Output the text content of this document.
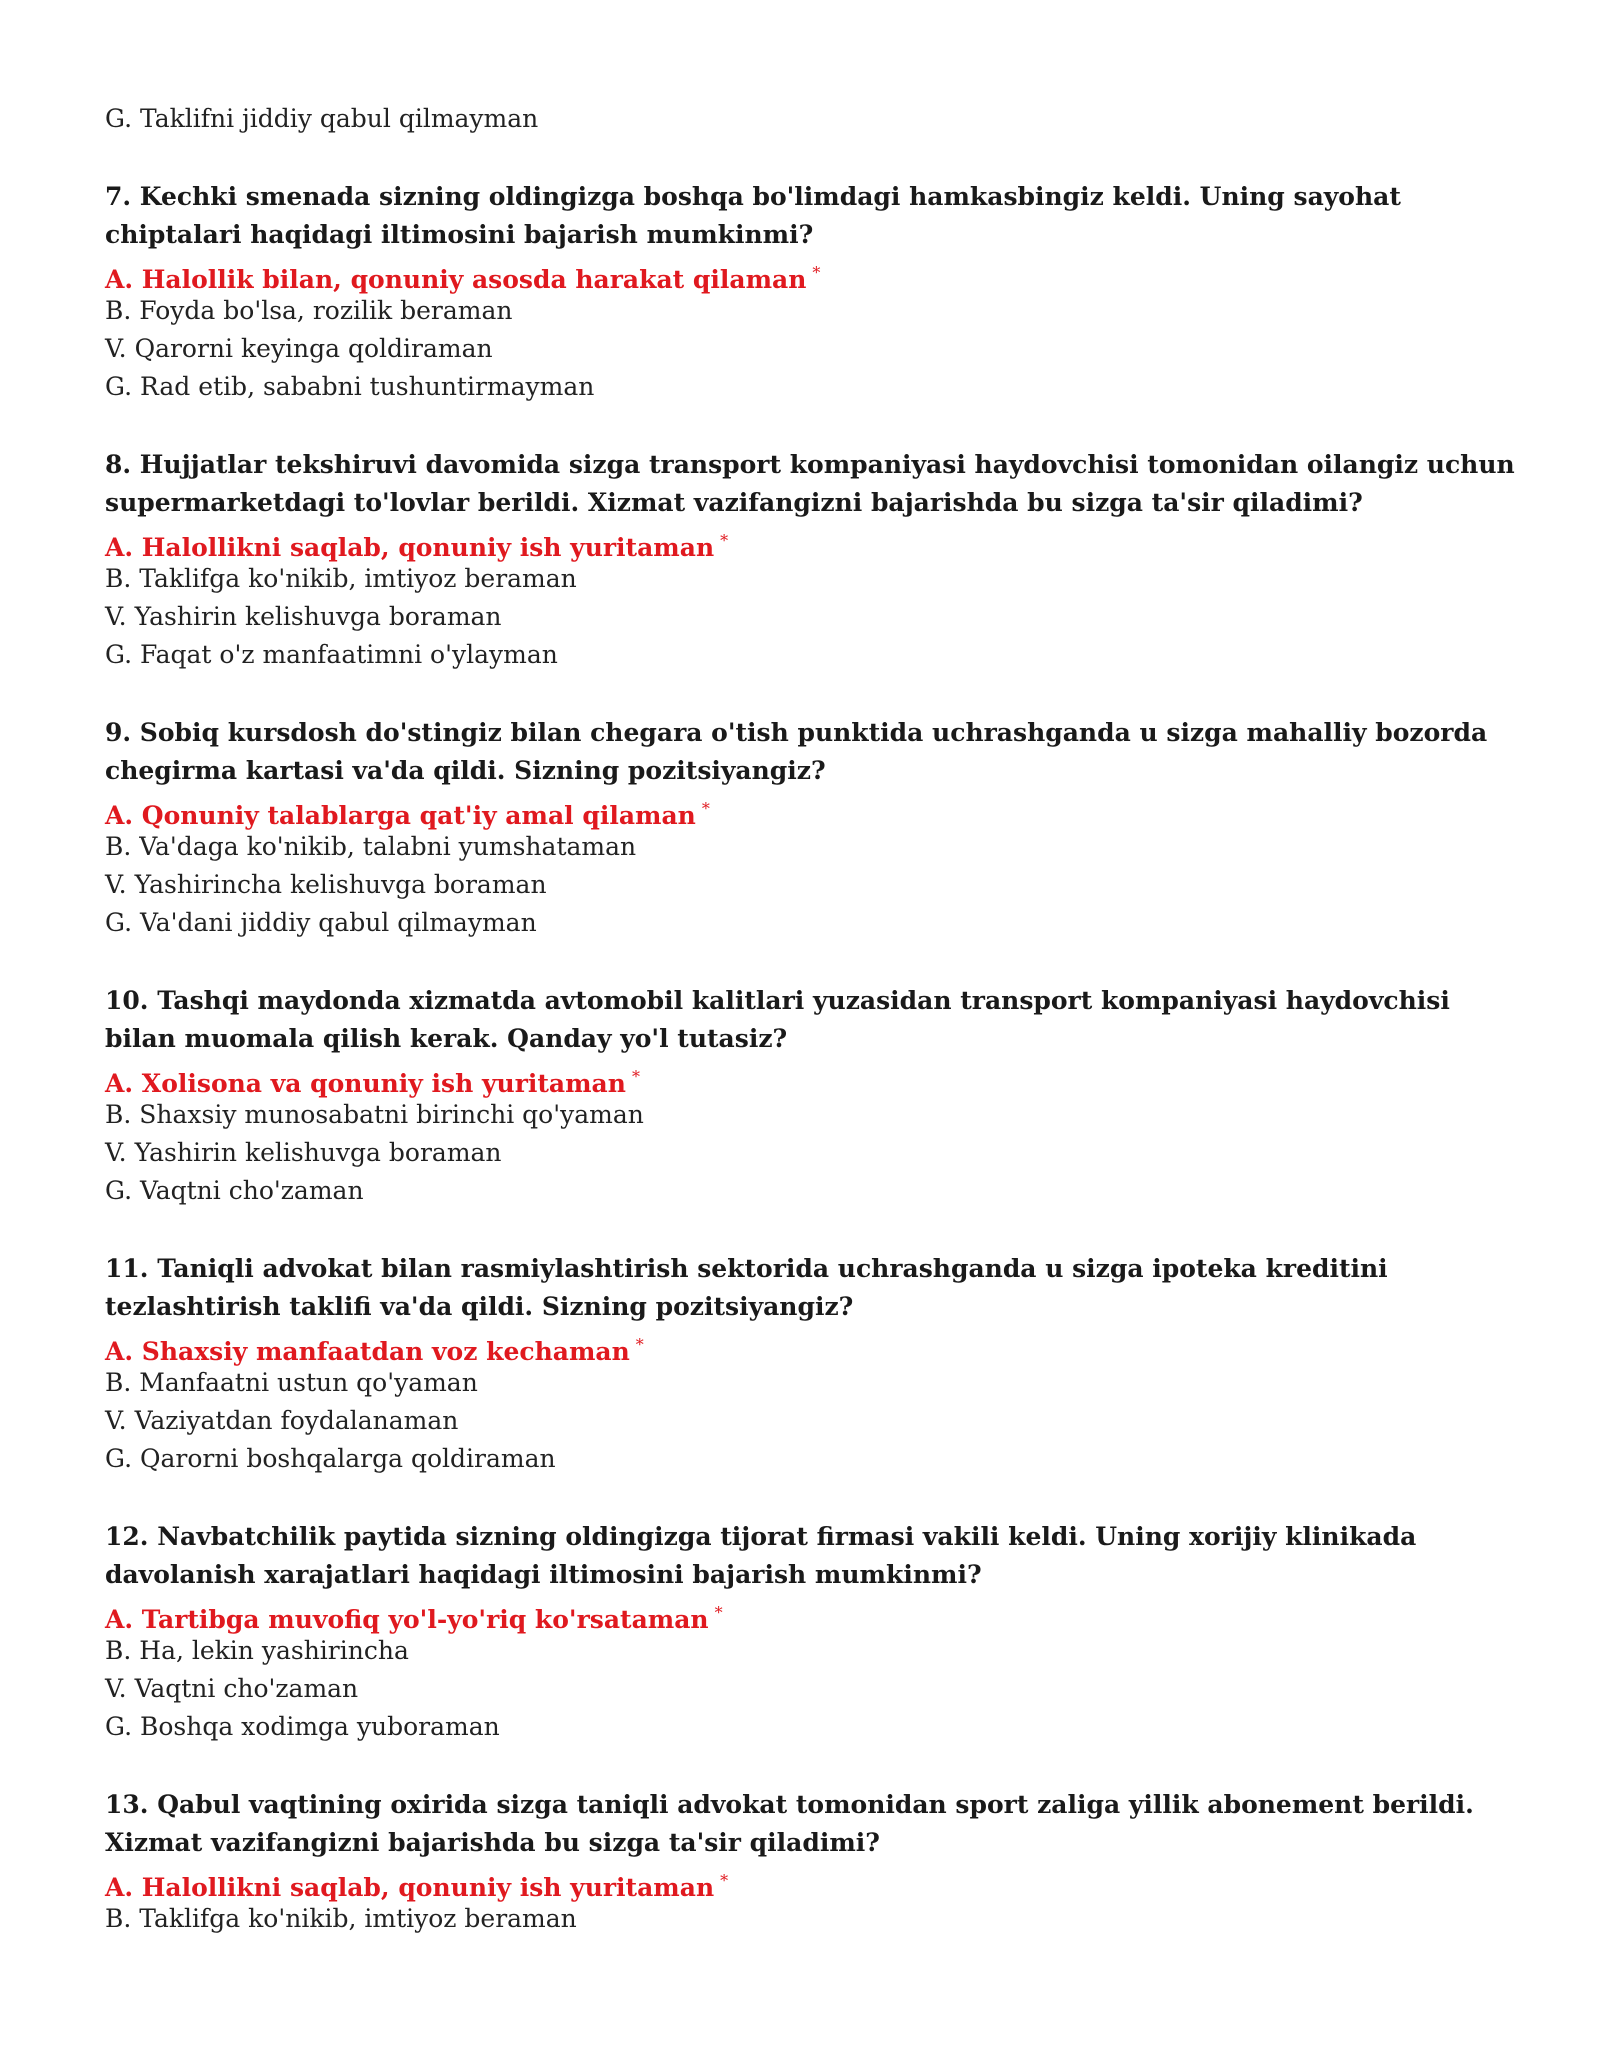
G. Taklifni jiddiy qabul qilmayman
7. Kechki smenada sizning oldingizga boshqa bo'limdagi hamkasbingiz keldi. Uning sayohat chiptalari haqidagi iltimosini bajarish mumkinmi?
A. Halollik bilan, qonuniy asosda harakat qilaman *
B. Foyda bo'lsa, rozilik beraman
V. Qarorni keyinga qoldiraman
G. Rad etib, sababni tushuntirmayman
8. Hujjatlar tekshiruvi davomida sizga transport kompaniyasi haydovchisi tomonidan oilangiz uchun supermarketdagi to'lovlar berildi. Xizmat vazifangizni bajarishda bu sizga ta'sir qiladimi?
A. Halollikni saqlab, qonuniy ish yuritaman *
B. Taklifga ko'nikib, imtiyoz beraman
V. Yashirin kelishuvga boraman
G. Faqat o'z manfaatimni o'ylayman
9. Sobiq kursdosh do'stingiz bilan chegara o'tish punktida uchrashganda u sizga mahalliy bozorda chegirma kartasi va'da qildi. Sizning pozitsiyangiz?
A. Qonuniy talablarga qat'iy amal qilaman *
B. Va'daga ko'nikib, talabni yumshataman
V. Yashirincha kelishuvga boraman
G. Va'dani jiddiy qabul qilmayman
10. Tashqi maydonda xizmatda avtomobil kalitlari yuzasidan transport kompaniyasi haydovchisi bilan muomala qilish kerak. Qanday yo'l tutasiz?
A. Xolisona va qonuniy ish yuritaman *
B. Shaxsiy munosabatni birinchi qo'yaman
V. Yashirin kelishuvga boraman
G. Vaqtni cho'zaman
11. Taniqli advokat bilan rasmiylashtirish sektorida uchrashganda u sizga ipoteka kreditini tezlashtirish taklifi va'da qildi. Sizning pozitsiyangiz?
A. Shaxsiy manfaatdan voz kechaman *
B. Manfaatni ustun qo'yaman
V. Vaziyatdan foydalanaman
G. Qarorni boshqalarga qoldiraman
12. Navbatchilik paytida sizning oldingizga tijorat firmasi vakili keldi. Uning xorijiy klinikada davolanish xarajatlari haqidagi iltimosini bajarish mumkinmi?
A. Tartibga muvofiq yo'l-yo'riq ko'rsataman *
B. Ha, lekin yashirincha
V. Vaqtni cho'zaman
G. Boshqa xodimga yuboraman
13. Qabul vaqtining oxirida sizga taniqli advokat tomonidan sport zaliga yillik abonement berildi. Xizmat vazifangizni bajarishda bu sizga ta'sir qiladimi?
A. Halollikni saqlab, qonuniy ish yuritaman *
B. Taklifga ko'nikib, imtiyoz beraman
